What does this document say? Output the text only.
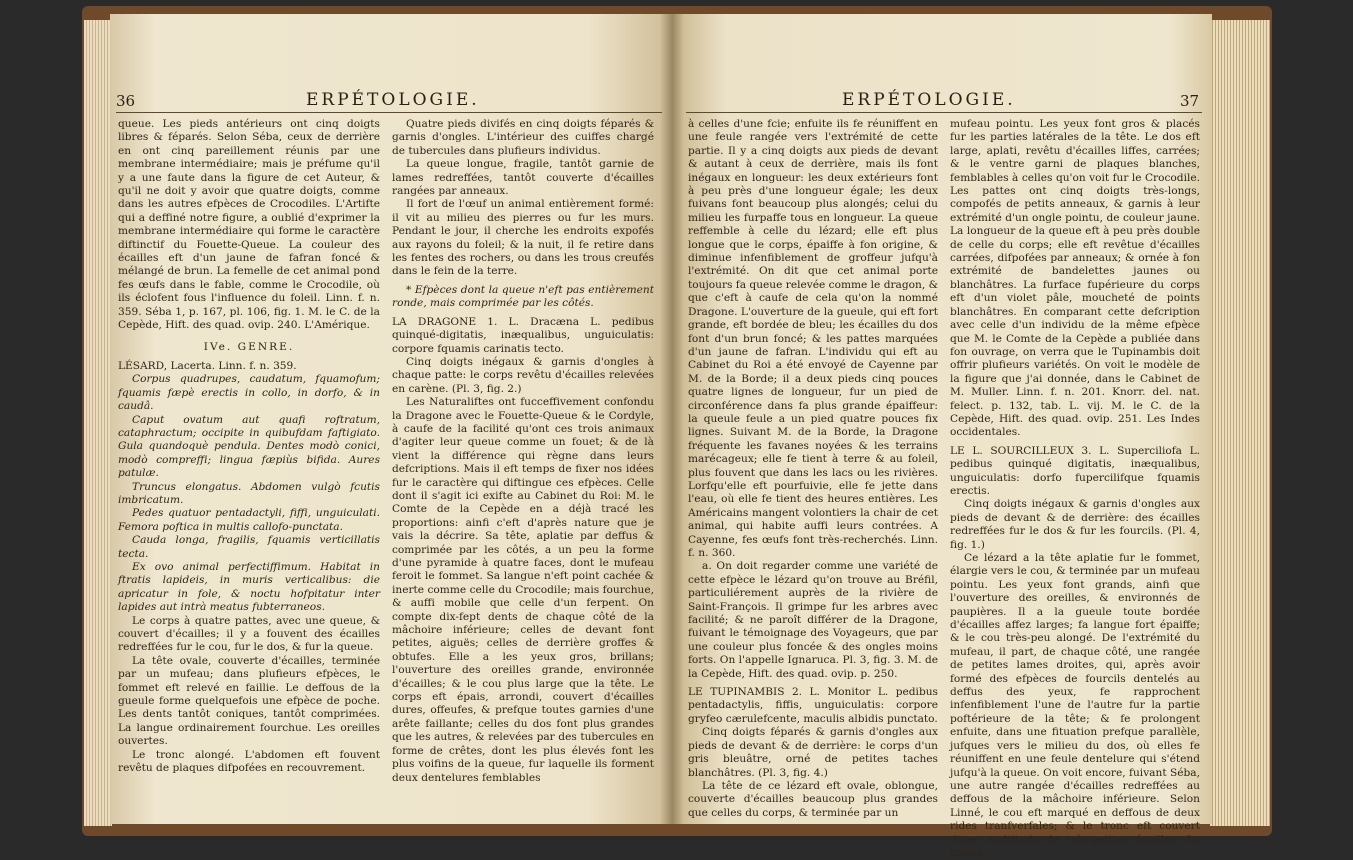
36	ERPÉTOLOGIE.

queue. Les pieds antérieurs ont cinq doigts libres & féparés. Selon Séba, ceux de derrière en ont cinq pareillement réunis par une membrane intermédiaire; mais je préfume qu'il y a une faute dans la figure de cet Auteur, & qu'il ne doit y avoir que quatre doigts, comme dans les autres efpèces de Crocodiles. L'Artifte qui a deffiné notre figure, a oublié d'exprimer la membrane intermédiaire qui forme le caractère diftinctif du Fouette-Queue. La couleur des écailles eft d'un jaune de fafran foncé & mélangé de brun. La femelle de cet animal pond fes œufs dans le fable, comme le Crocodile, où ils éclofent fous l'influence du foleil. Linn. f. n. 359. Séba 1, p. 167, pl. 106, fig. 1. M. le C. de la Cepède, Hift. des quad. ovip. 240. L'Amérique.

IVe. GENRE.

LÉSARD, Lacerta. Linn. f. n. 359.

Corpus quadrupes, caudatum, fquamofum; fquamis fæpè erectis in collo, in dorfo, & in caudâ.

Caput ovatum aut quafi roftratum, cataphractum; occipite in quibufdam faftigiato. Gula quandoquè pendula. Dentes modò conici, modò compreffi; lingua fæpiùs bifida. Aures patulæ.

Truncus elongatus. Abdomen vulgò fcutis imbricatum.

Pedes quatuor pentadactyli, fiffi, unguiculati. Femora poftica in multis callofo-punctata.

Cauda longa, fragilis, fquamis verticillatis tecta.

Ex ovo animal perfectiffimum. Habitat in ftratis lapideis, in muris verticalibus: die apricatur in fole, & noctu hofpitatur inter lapides aut intrà meatus fubterraneos.

Le corps à quatre pattes, avec une queue, & couvert d'écailles; il y a fouvent des écailles redreffées fur le cou, fur le dos, & fur la queue.

La tête ovale, couverte d'écailles, terminée par un mufeau; dans plufieurs efpèces, le fommet eft relevé en faillie. Le deffous de la gueule forme quelquefois une efpèce de poche. Les dents tantôt coniques, tantôt comprimées. La langue ordinairement fourchue. Les oreilles ouvertes.

Le tronc alongé. L'abdomen eft fouvent revêtu de plaques difpofées en recouvrement.

Quatre pieds divifés en cinq doigts féparés & garnis d'ongles. L'intérieur des cuiffes chargé de tubercules dans plufieurs individus.

La queue longue, fragile, tantôt garnie de lames redreffées, tantôt couverte d'écailles rangées par anneaux.

Il fort de l'œuf un animal entièrement formé: il vit au milieu des pierres ou fur les murs. Pendant le jour, il cherche les endroits expofés aux rayons du foleil; & la nuit, il fe retire dans les fentes des rochers, ou dans les trous creufés dans le fein de la terre.

* Efpèces dont la queue n'eft pas entièrement ronde, mais comprimée par les côtés.

LA DRAGONE 1. L. Dracæna L. pedibus quinqué-digitatis, inæqualibus, unguiculatis: corpore fquamis carinatis tecto.

Cinq doigts inégaux & garnis d'ongles à chaque patte: le corps revêtu d'écailles relevées en carène. (Pl. 3, fig. 2.)

Les Naturaliftes ont fucceffivement confondu la Dragone avec le Fouette-Queue & le Cordyle, à caufe de la facilité qu'ont ces trois animaux d'agiter leur queue comme un fouet; & de là vient la différence qui règne dans leurs defcriptions. Mais il eft temps de fixer nos idées fur le caractère qui diftingue ces efpèces. Celle dont il s'agit ici exifte au Cabinet du Roi: M. le Comte de la Cepède en a déjà tracé les proportions: ainfi c'eft d'après nature que je vais la décrire. Sa tête, aplatie par deffus & comprimée par les côtés, a un peu la forme d'une pyramide à quatre faces, dont le mufeau feroit le fommet. Sa langue n'eft point cachée & inerte comme celle du Crocodile; mais fourchue, & auffi mobile que celle d'un ferpent. On compte dix-fept dents de chaque côté de la mâchoire inférieure; celles de devant font petites, aiguës; celles de derrière groffes & obtufes. Elle a les yeux gros, brillans; l'ouverture des oreilles grande, environnée d'écailles; & le cou plus large que la tête. Le corps eft épais, arrondi, couvert d'écailles dures, offeufes, & prefque toutes garnies d'une arête faillante; celles du dos font plus grandes que les autres, & relevées par des tubercules en forme de crêtes, dont les plus élevés font les plus voifins de la queue, fur laquelle ils forment deux dentelures femblables

ERPÉTOLOGIE.	37

à celles d'une fcie; enfuite ils fe réuniffent en une feule rangée vers l'extrémité de cette partie. Il y a cinq doigts aux pieds de devant & autant à ceux de derrière, mais ils font inégaux en longueur: les deux extérieurs font à peu près d'une longueur égale; les deux fuivans font beaucoup plus alongés; celui du milieu les furpaffe tous en longueur. La queue reffemble à celle du lézard; elle eft plus longue que le corps, épaiffe à fon origine, & diminue infenfiblement de groffeur jufqu'à l'extrémité. On dit que cet animal porte toujours fa queue relevée comme le dragon, & que c'eft à caufe de cela qu'on la nommé Dragone. L'ouverture de la gueule, qui eft fort grande, eft bordée de bleu; les écailles du dos font d'un brun foncé; & les pattes marquées d'un jaune de fafran. L'individu qui eft au Cabinet du Roi a été envoyé de Cayenne par M. de la Borde; il a deux pieds cinq pouces quatre lignes de longueur, fur un pied de circonférence dans fa plus grande épaiffeur: la queule feule a un pied quatre pouces fix lignes. Suivant M. de la Borde, la Dragone fréquente les favanes noyées & les terrains marécageux; elle fe tient à terre & au foleil, plus fouvent que dans les lacs ou les rivières. Lorfqu'elle eft pourfuivie, elle fe jette dans l'eau, où elle fe tient des heures entières. Les Américains mangent volontiers la chair de cet animal, qui habite auffi leurs contrées. A Cayenne, fes œufs font très-recherchés. Linn. f. n. 360.

a. On doit regarder comme une variété de cette efpèce le lézard qu'on trouve au Bréfil, particuliérement auprès de la rivière de Saint-François. Il grimpe fur les arbres avec facilité; & ne paroît différer de la Dragone, fuivant le témoignage des Voyageurs, que par une couleur plus foncée & des ongles moins forts. On l'appelle Ignaruca. Pl. 3, fig. 3. M. de la Cepède, Hift. des quad. ovip. p. 250.

LE TUPINAMBIS 2. L. Monitor L. pedibus pentadactylis, fiffis, unguiculatis: corpore gryfeo cærulefcente, maculis albidis punctato.

Cinq doigts féparés & garnis d'ongles aux pieds de devant & de derrière: le corps d'un gris bleuâtre, orné de petites taches blanchâtres. (Pl. 3, fig. 4.)

La tête de ce lézard eft ovale, oblongue, couverte d'écailles beaucoup plus grandes que celles du corps, & terminée par un

mufeau pointu. Les yeux font gros & placés fur les parties latérales de la tête. Le dos eft large, aplati, revêtu d'écailles liffes, carrées; & le ventre garni de plaques blanches, femblables à celles qu'on voit fur le Crocodile. Les pattes ont cinq doigts très-longs, compofés de petits anneaux, & garnis à leur extrémité d'un ongle pointu, de couleur jaune. La longueur de la queue eft à peu près double de celle du corps; elle eft revêtue d'écailles carrées, difpofées par anneaux; & ornée à fon extrémité de bandelettes jaunes ou blanchâtres. La furface fupérieure du corps eft d'un violet pâle, moucheté de points blanchâtres. En comparant cette defcription avec celle d'un individu de la même efpèce que M. le Comte de la Cepède a publiée dans fon ouvrage, on verra que le Tupinambis doit offrir plufieurs variétés. On voit le modèle de la figure que j'ai donnée, dans le Cabinet de M. Muller. Linn. f. n. 201. Knorr. del. nat. felect. p. 132, tab. L. vij. M. le C. de la Cepède, Hift. des quad. ovip. 251. Les Indes occidentales.

LE L. SOURCILLEUX 3. L. Superciliofa L. pedibus quinqué digitatis, inæqualibus, unguiculatis: dorfo fupercilifque fquamis erectis.

Cinq doigts inégaux & garnis d'ongles aux pieds de devant & de derrière: des écailles redreffées fur le dos & fur les fourcils. (Pl. 4, fig. 1.)

Ce lézard a la tête aplatie fur le fommet, élargie vers le cou, & terminée par un mufeau pointu. Les yeux font grands, ainfi que l'ouverture des oreilles, & environnés de paupières. Il a la gueule toute bordée d'écailles affez larges; fa langue fort épaiffe; & le cou très-peu alongé. De l'extrémité du mufeau, il part, de chaque côté, une rangée de petites lames droites, qui, après avoir formé des efpèces de fourcils dentelés au deffus des yeux, fe rapprochent infenfiblement l'une de l'autre fur la partie poftérieure de la tête; & fe prolongent enfuite, dans une fituation prefque parallèle, jufques vers le milieu du dos, où elles fe réuniffent en une feule dentelure qui s'étend jufqu'à la queue. On voit encore, fuivant Séba, une autre rangée d'écailles redreffées au deffous de la mâchoire inférieure. Selon Linné, le cou eft marqué en deffous de deux rides tranfverfales; & le tronc eft couvert d'une multitude de très-petites écailles. La queue
